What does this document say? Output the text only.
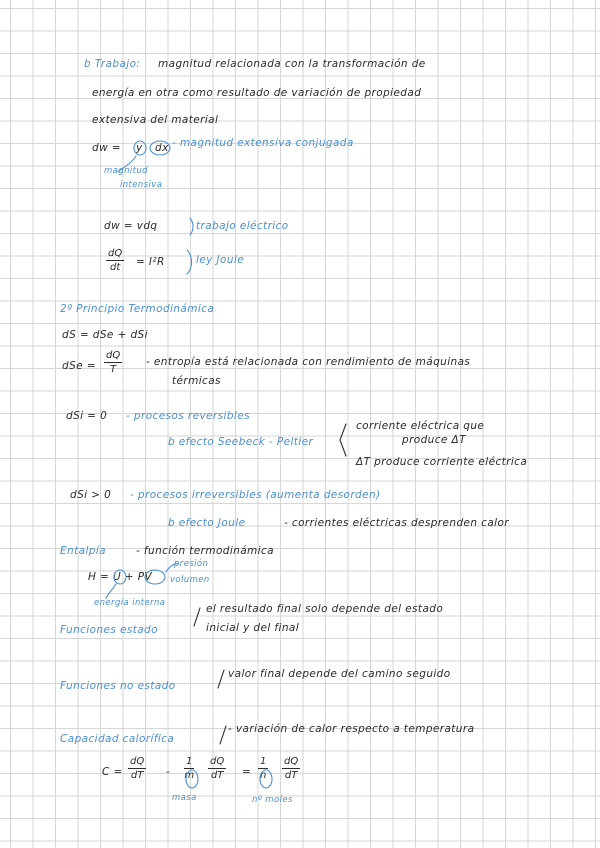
b Trabajo: magnitud relacionada con la transformación de
energía en otra como resultado de variación de propiedad
extensiva del material
dw = y dx - magnitud extensiva conjugada
magnitud
intensiva
dw = vdq	trabajo eléctrico
dQ
dt	= I²R	ley Joule
2º Principio Termodinámica
dS = dSe + dSi
dSe =
dQ
T
- entropía está relacionada con rendimiento de máquinas
térmicas
dSi = 0 - procesos reversibles
b efecto Seebeck - Peltier
corriente eléctrica que
produce ΔT
ΔT produce corriente eléctrica
dSi > 0 - procesos irreversibles (aumenta desorden)
b efecto Joule	- corrientes eléctricas desprenden calor
Entalpía	- función termodinámica
H = U + PV
presión
volumen
energía interna
Funciones estado
el resultado final solo depende del estado
inicial y del final
Funciones no estado
valor final depende del camino seguido
Capacidad calorífica
- variación de calor respecto a temperatura
C =
dQ
dT -
1
m
dQ
dT =
1
n
dQ
dT
masa	nº moles
